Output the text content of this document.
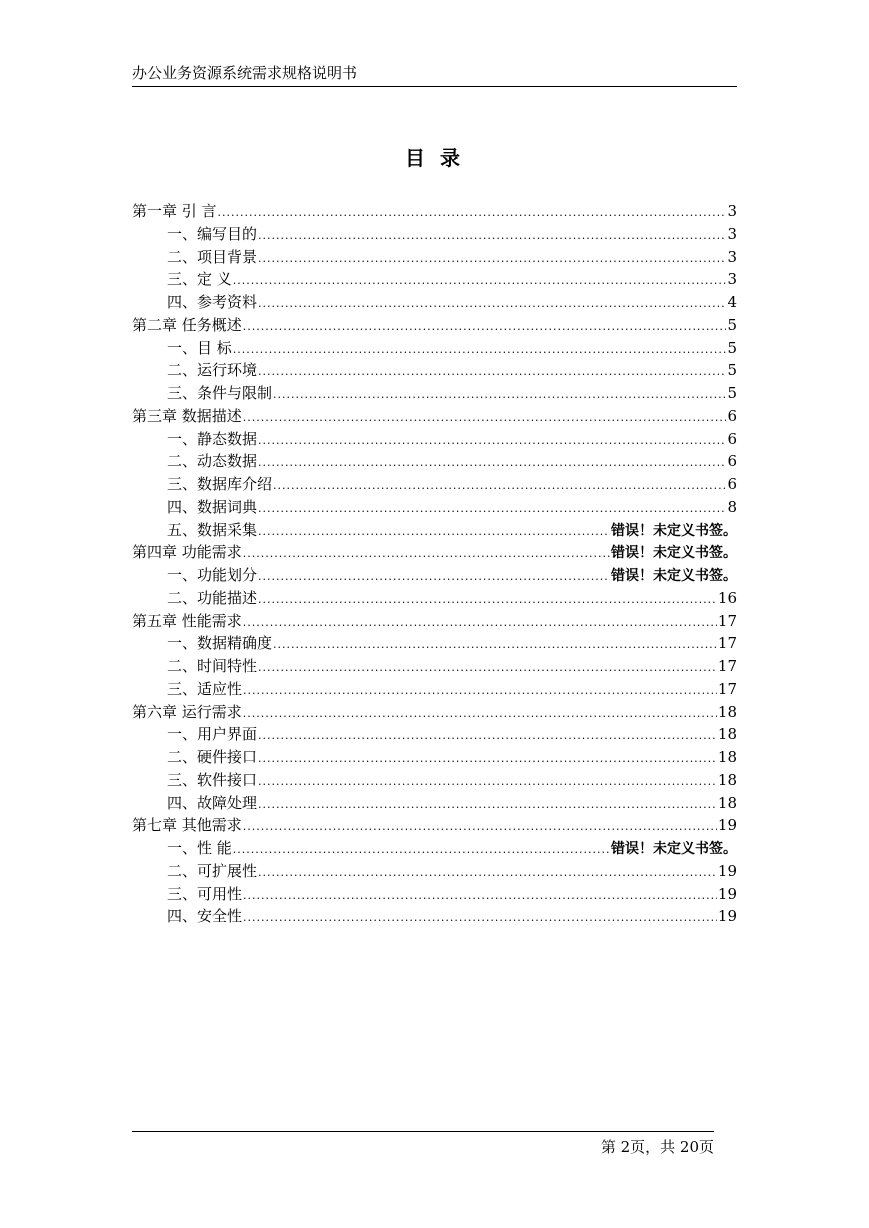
办公业务资源系统需求规格说明书
目 录
第一章 引 言 .....	3
一、编写目的 .....	3
二、项目背景 .....	3
三、定 义 .....	3
四、参考资料 .....	4
第二章 任务概述 .....	5
一、目 标 .....	5
二、运行环境 .....	5
三、条件与限制 .....	5
第三章 数据描述 .....	6
一、静态数据 .....	6
二、动态数据 .....	6
三、数据库介绍 .....	6
四、数据词典 .....	8
五、数据采集 .....	错误！未定义书签。
第四章 功能需求 .....	错误！未定义书签。
一、功能划分 .....	错误！未定义书签。
二、功能描述 .....	16
第五章 性能需求 .....	17
一、数据精确度 .....	17
二、时间特性 .....	17
三、适应性 .....	17
第六章 运行需求 .....	18
一、用户界面 .....	18
二、硬件接口 .....	18
三、软件接口 .....	18
四、故障处理 .....	18
第七章 其他需求 .....	19
一、性 能 .....	错误！未定义书签。
二、可扩展性 .....	19
三、可用性 .....	19
四、安全性 .....	19
第 2页，共 20页
